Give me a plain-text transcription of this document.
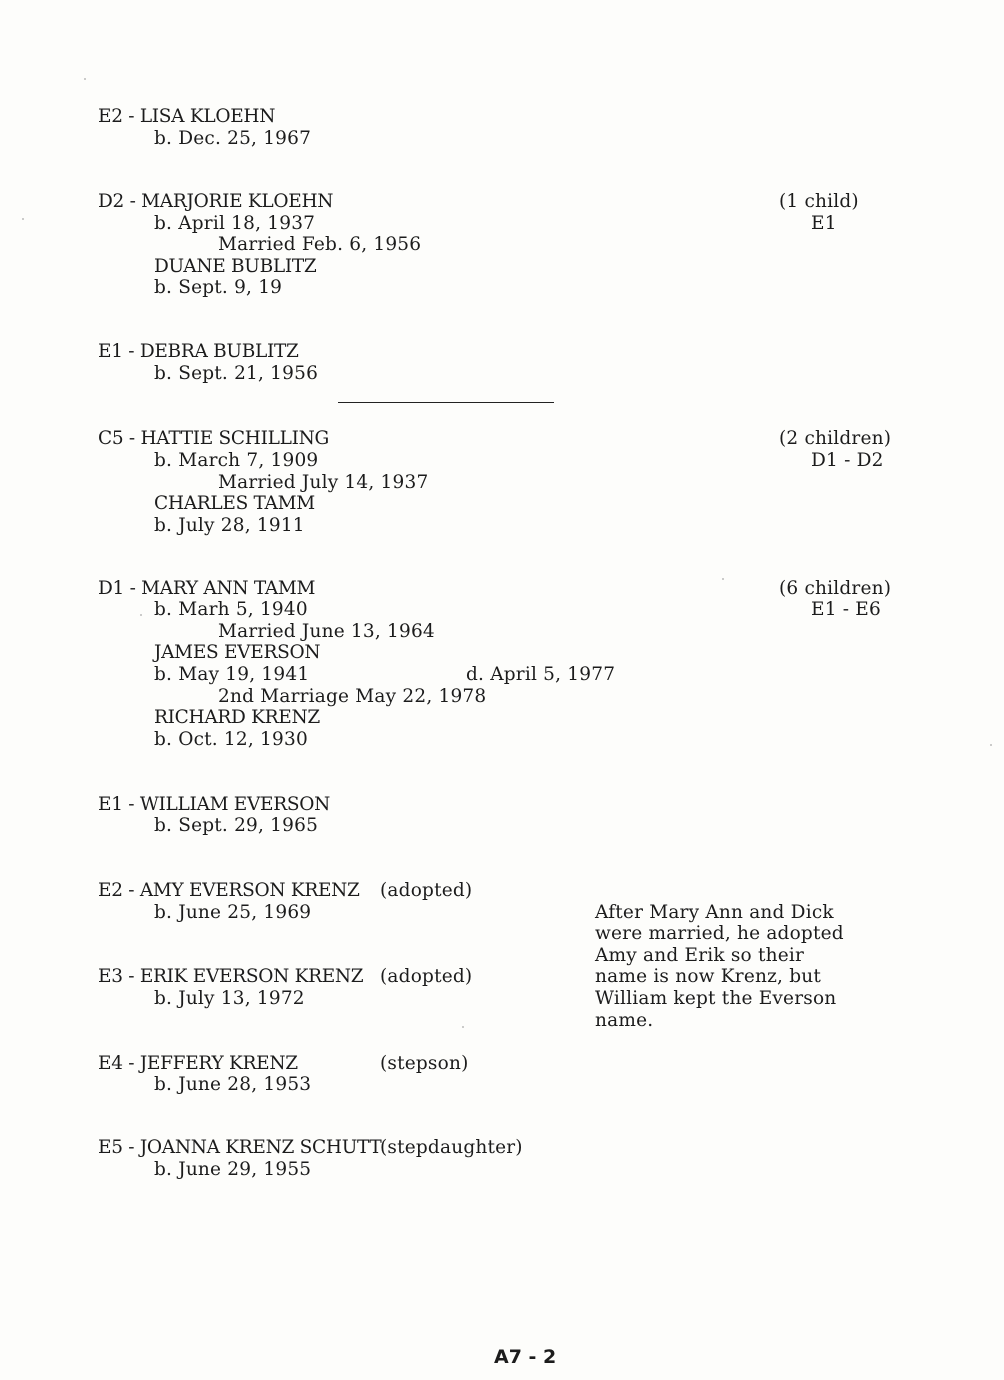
E2 - LISA KLOEHN
b. Dec. 25, 1967
D2 - MARJORIE KLOEHN
b. April 18, 1937
Married Feb. 6, 1956
DUANE BUBLITZ
b. Sept. 9, 19
(1 child)
E1
E1 - DEBRA BUBLITZ
b. Sept. 21, 1956
C5 - HATTIE SCHILLING
b. March 7, 1909
Married July 14, 1937
CHARLES TAMM
b. July 28, 1911
(2 children)
D1 - D2
D1 - MARY ANN TAMM
b. Marh 5, 1940
Married June 13, 1964
JAMES EVERSON
b. May 19, 1941	d. April 5, 1977
2nd Marriage May 22, 1978
RICHARD KRENZ
b. Oct. 12, 1930
(6 children)
E1 - E6
E1 - WILLIAM EVERSON
b. Sept. 29, 1965
E2 - AMY EVERSON KRENZ (adopted)
b. June 25, 1969
E3 - ERIK EVERSON KRENZ (adopted)
b. July 13, 1972
After Mary Ann and Dick
were married, he adopted
Amy and Erik so their
name is now Krenz, but
William kept the Everson
name.
E4 - JEFFERY KRENZ	(stepson)
b. June 28, 1953
E5 - JOANNA KRENZ SCHUTT
(stepdaughter)
b. June 29, 1955
A7 - 2
